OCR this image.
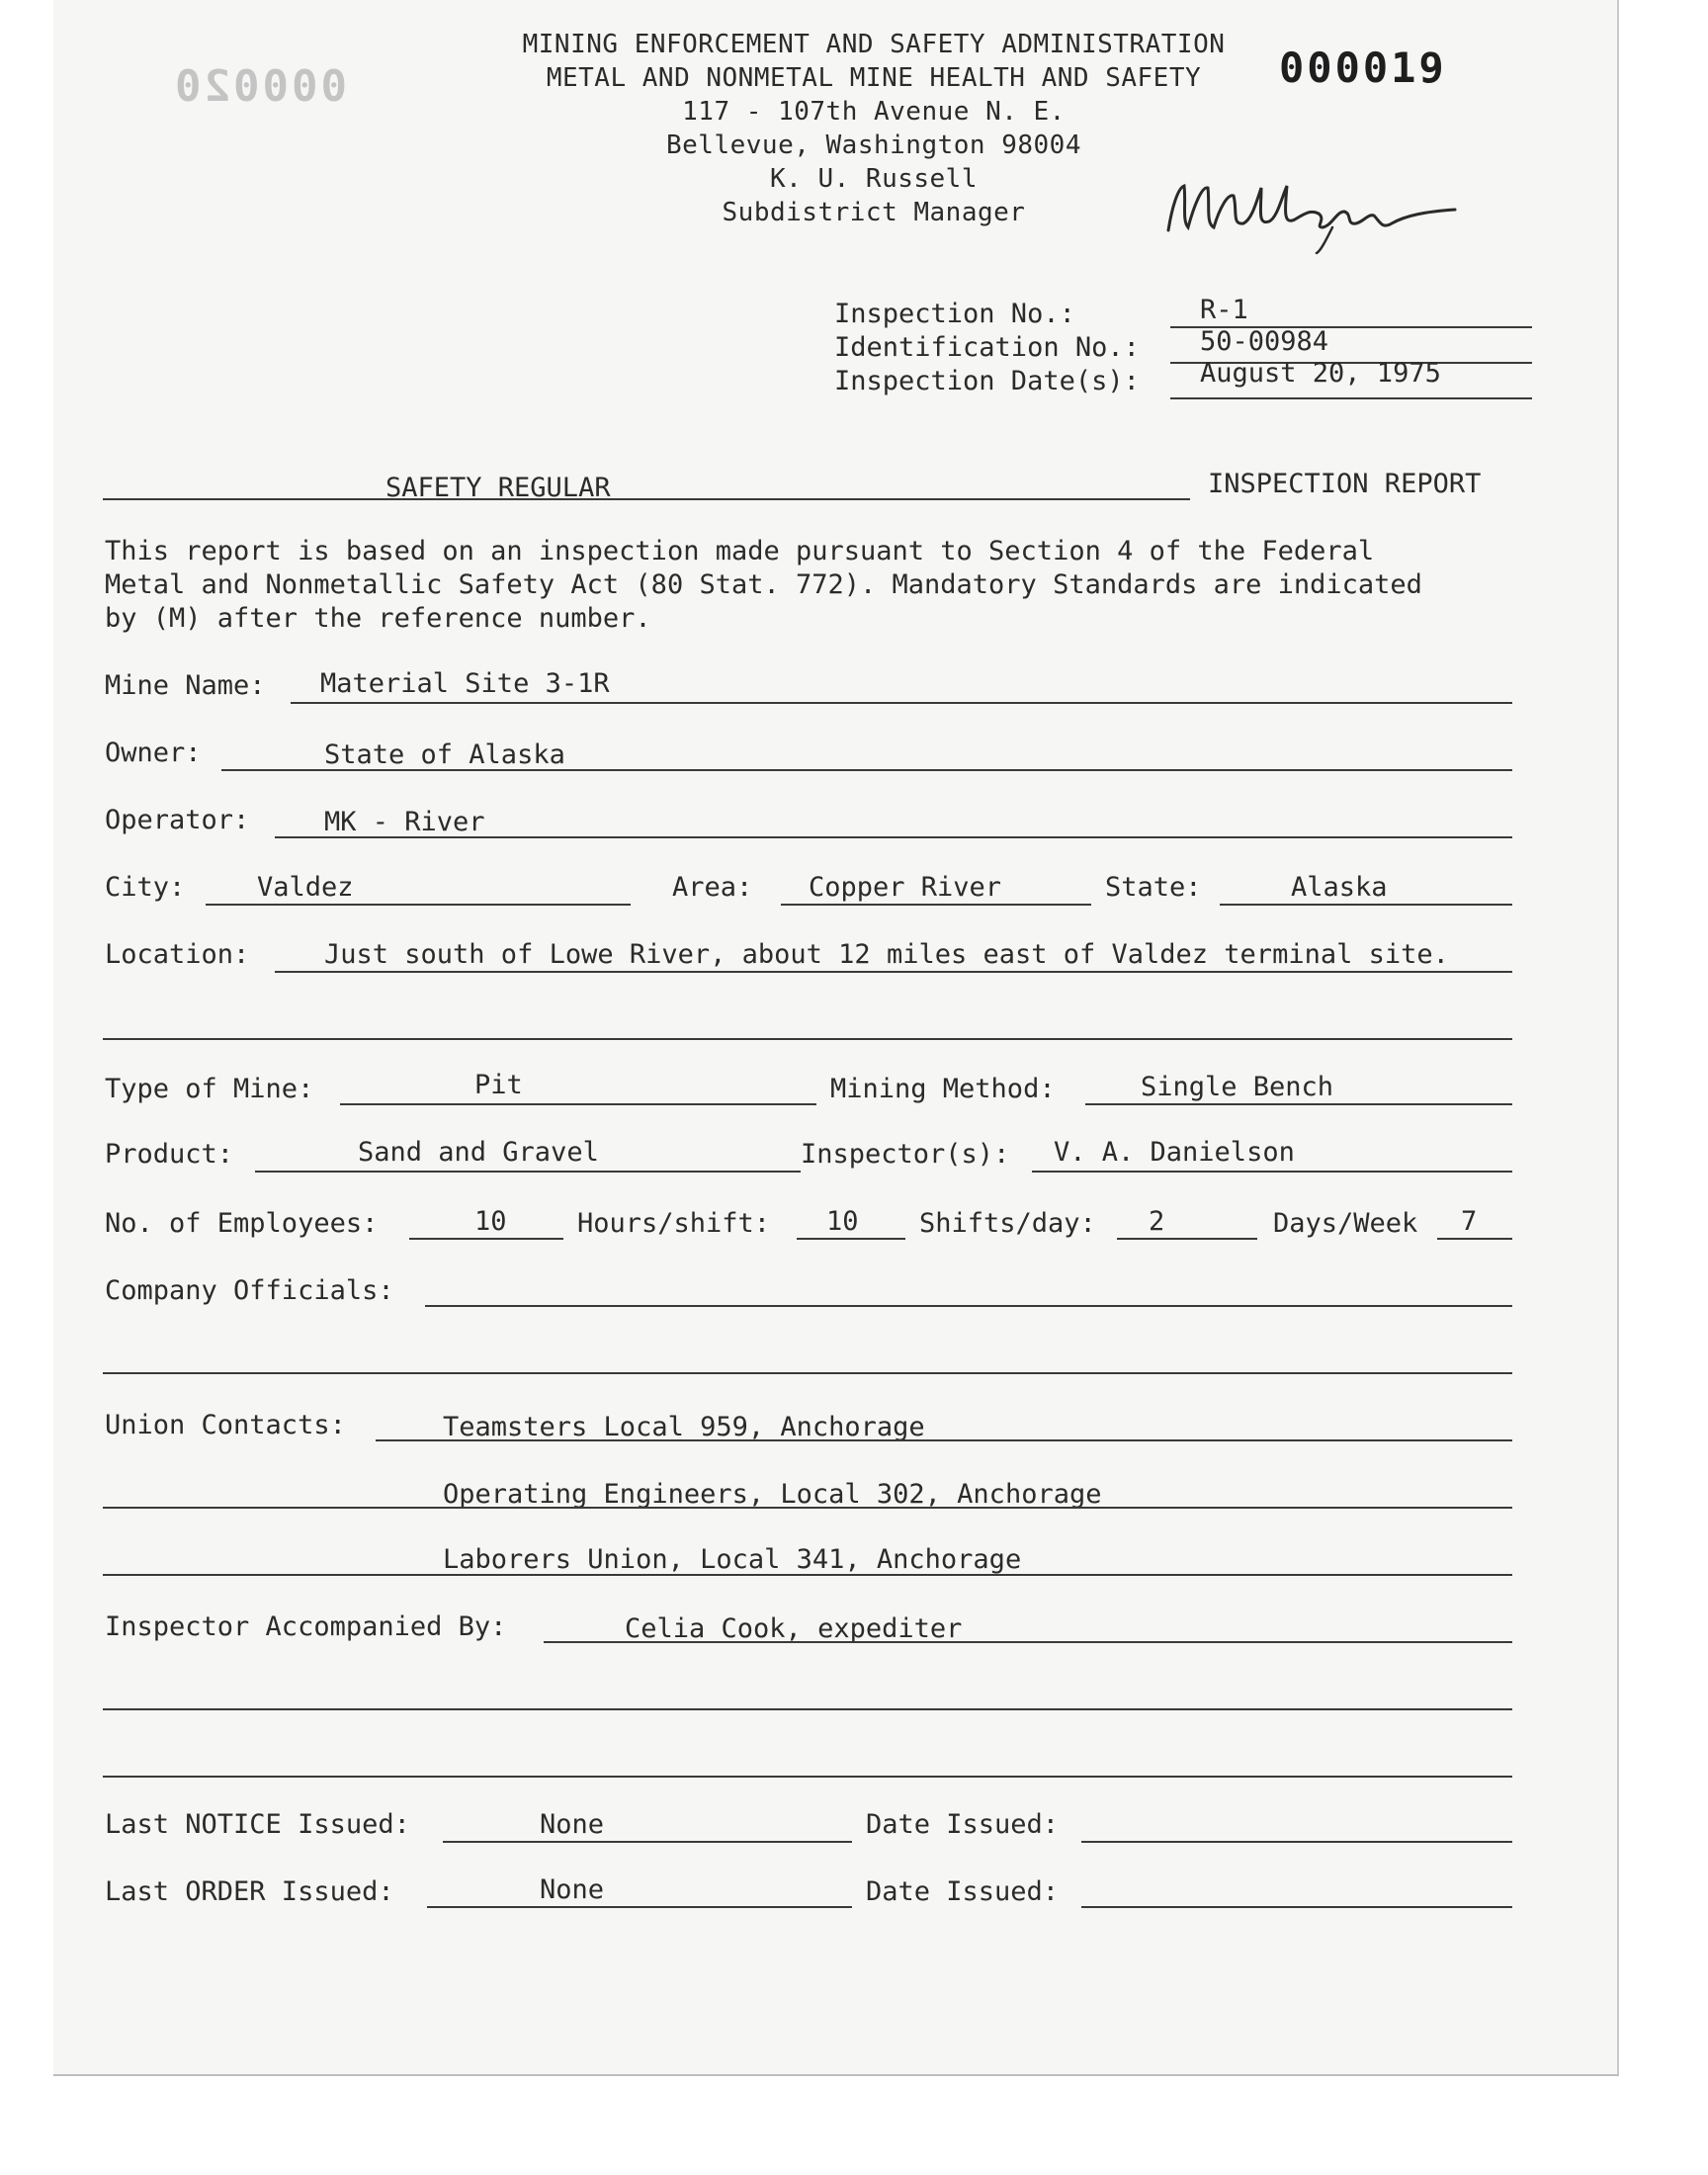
000020	000019
MINING ENFORCEMENT AND SAFETY ADMINISTRATION
METAL AND NONMETAL MINE HEALTH AND SAFETY
117 - 107th Avenue N. E.
Bellevue, Washington 98004
K. U. Russell
Subdistrict Manager
Inspection No.:	R-1
Identification No.: 50-00984
Inspection Date(s): August 20, 1975
SAFETY REGULAR	INSPECTION REPORT
This report is based on an inspection made pursuant to Section 4 of the Federal
Metal and Nonmetallic Safety Act (80 Stat. 772). Mandatory Standards are indicated
by (M) after the reference number.
Mine Name: Material Site 3-1R
Owner:	State of Alaska
Operator:	MK - River
City:	Valdez	Area: Copper River	State:	Alaska
Location:	Just south of Lowe River, about 12 miles east of Valdez terminal site.
Type of Mine:	Pit	Mining Method:	Single Bench
Product:	Sand and Gravel	Inspector(s): V. A. Danielson
No. of Employees:	10	Hours/shift: 10 Shifts/day: 2	Days/Week 7
Company Officials:
Union Contacts:	Teamsters Local 959, Anchorage
Operating Engineers, Local 302, Anchorage
Laborers Union, Local 341, Anchorage
Inspector Accompanied By:	Celia Cook, expediter
Last NOTICE Issued:	None	Date Issued:
Last ORDER Issued:	None	Date Issued:
